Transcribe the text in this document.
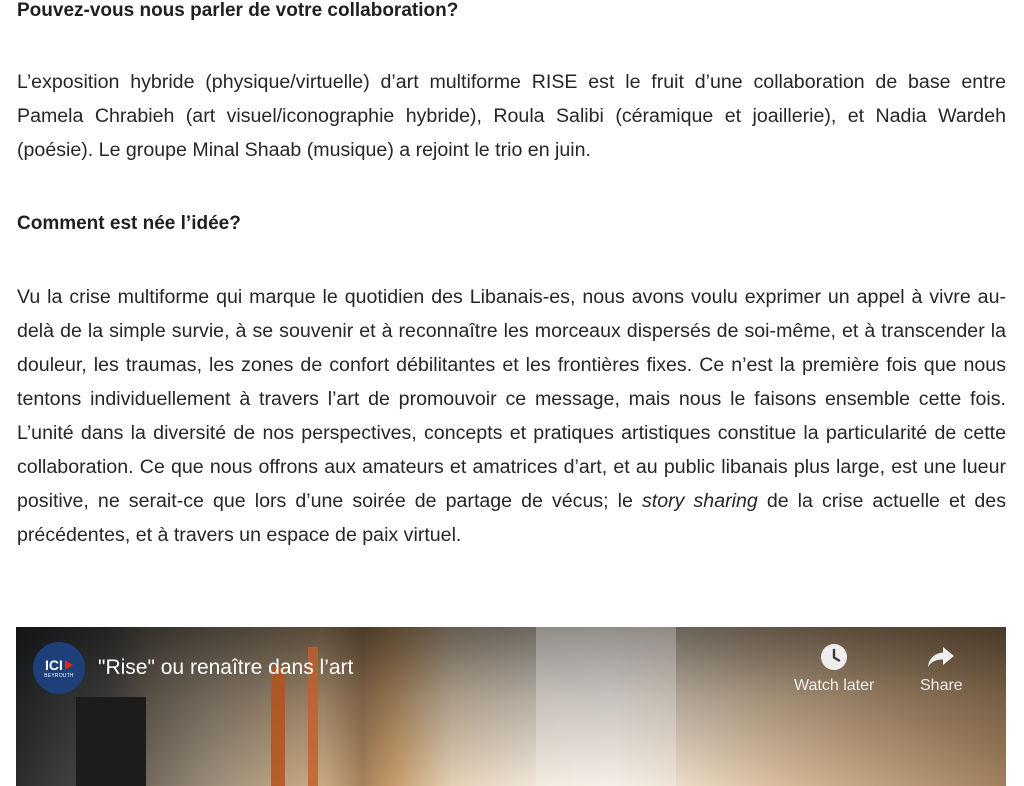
Pouvez-vous nous parler de votre collaboration?

L’exposition hybride (physique/virtuelle) d’art multiforme RISE est le fruit d’une collaboration de base entre Pamela Chrabieh (art visuel/iconographie hybride), Roula Salibi (céramique et joaillerie), et Nadia Wardeh (poésie). Le groupe Minal Shaab (musique) a rejoint le trio en juin.

Comment est née l’idée?

Vu la crise multiforme qui marque le quotidien des Libanais-es, nous avons voulu exprimer un appel à vivre au-delà de la simple survie, à se souvenir et à reconnaître les morceaux dispersés de soi-même, et à transcender la douleur, les traumas, les zones de confort débilitantes et les frontières fixes. Ce n’est la première fois que nous tentons individuellement à travers l’art de promouvoir ce message, mais nous le faisons ensemble cette fois. L’unité dans la diversité de nos perspectives, concepts et pratiques artistiques constitue la particularité de cette collaboration. Ce que nous offrons aux amateurs et amatrices d’art, et au public libanais plus large, est une lueur positive, ne serait-ce que lors d’une soirée de partage de vécus; le story sharing de la crise actuelle et des précédentes, et à travers un espace de paix virtuel.

ICI
BEYROUTH "Rise" ou renaître dans l’art
Watch later	Share
